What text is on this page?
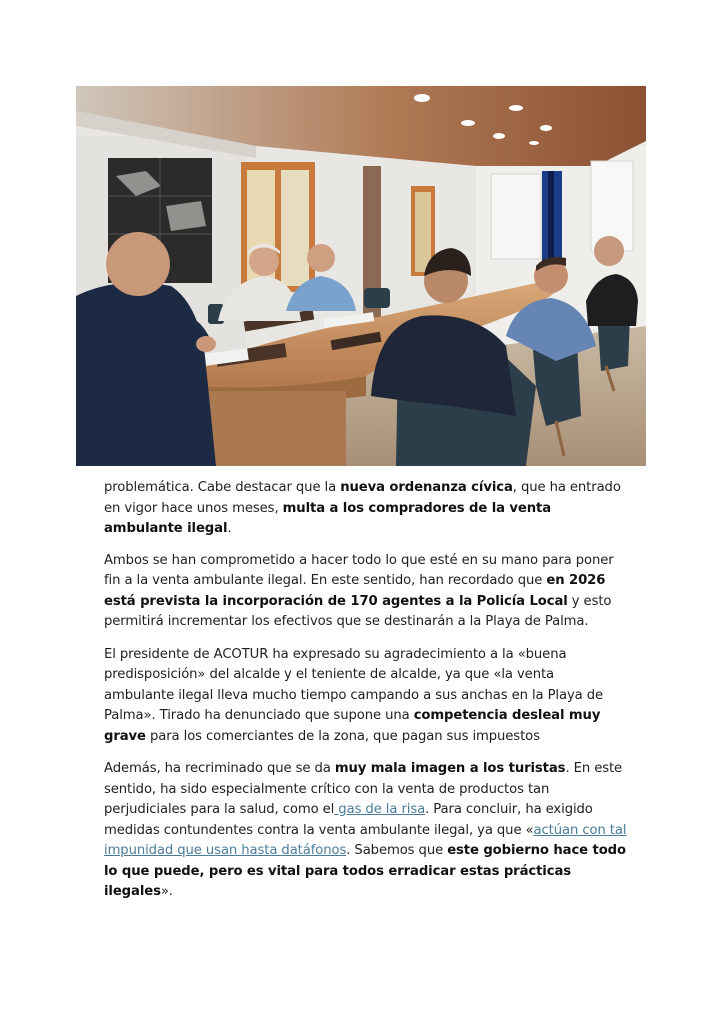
problemática. Cabe destacar que la nueva ordenanza cívica, que ha entrado en vigor hace unos meses, multa a los compradores de la venta ambulante ilegal.

Ambos se han comprometido a hacer todo lo que esté en su mano para poner fin a la venta ambulante ilegal. En este sentido, han recordado que en 2026 está prevista la incorporación de 170 agentes a la Policía Local y esto permitirá incrementar los efectivos que se destinarán a la Playa de Palma.

El presidente de ACOTUR ha expresado su agradecimiento a la «buena predisposición» del alcalde y el teniente de alcalde, ya que «la venta ambulante ilegal lleva mucho tiempo campando a sus anchas en la Playa de Palma». Tirado ha denunciado que supone una competencia desleal muy grave para los comerciantes de la zona, que pagan sus impuestos

Además, ha recriminado que se da muy mala imagen a los turistas. En este sentido, ha sido especialmente crítico con la venta de productos tan perjudiciales para la salud, como el gas de la risa. Para concluir, ha exigido medidas contundentes contra la venta ambulante ilegal, ya que «actúan con tal impunidad que usan hasta datáfonos. Sabemos que este gobierno hace todo lo que puede, pero es vital para todos erradicar estas prácticas ilegales».
